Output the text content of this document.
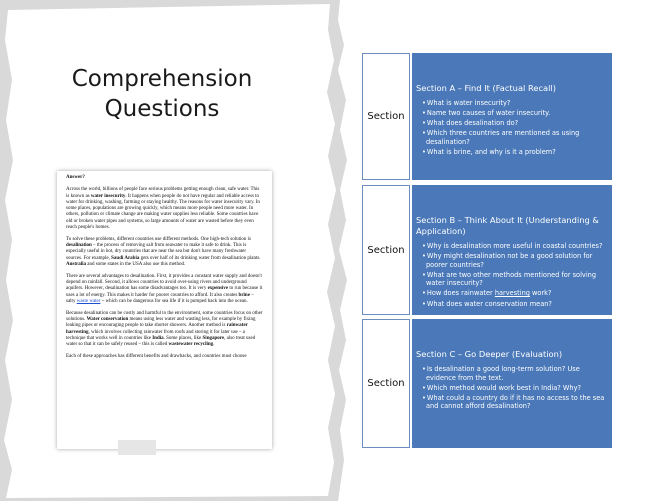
Comprehension
Questions

Answer?

Across the world, billions of people face serious problems getting enough clean, safe water. This is known as water insecurity. It happens when people do not have regular and reliable access to water for drinking, washing, farming or staying healthy. The reasons for water insecurity vary. In some places, populations are growing quickly, which means more people need more water. In others, pollution or climate change are making water supplies less reliable. Some countries have old or broken water pipes and systems, so large amounts of water are wasted before they even reach people's homes.

To solve these problems, different countries use different methods. One high-tech solution is desalination – the process of removing salt from seawater to make it safe to drink. This is especially useful in hot, dry countries that are near the sea but don't have many freshwater sources. For example, Saudi Arabia gets over half of its drinking water from desalination plants. Australia and some states in the USA also use this method.

There are several advantages to desalination. First, it provides a constant water supply and doesn't depend on rainfall. Second, it allows countries to avoid over-using rivers and underground aquifers. However, desalination has some disadvantages too. It is very expensive to run because it uses a lot of energy. This makes it harder for poorer countries to afford. It also creates brine – salty waste water – which can be dangerous for sea life if it is pumped back into the ocean.

Because desalination can be costly and harmful to the environment, some countries focus on other solutions. Water conservation means using less water and wasting less, for example by fixing leaking pipes or encouraging people to take shorter showers. Another method is rainwater harvesting, which involves collecting rainwater from roofs and storing it for later use – a technique that works well in countries like India. Some places, like Singapore, also treat used water so that it can be safely reused – this is called wastewater recycling.

Each of these approaches has different benefits and drawbacks, and countries must choose

Section
Section A – Find It (Factual Recall)
•What is water insecurity?
•Name two causes of water insecurity.
•What does desalination do?
•Which three countries are mentioned as using desalination?
•What is brine, and why is it a problem?
Section
Section B – Think About It (Understanding & Application)
•Why is desalination more useful in coastal countries?
•Why might desalination not be a good solution for poorer countries?
•What are two other methods mentioned for solving water insecurity?
•How does rainwater harvesting work?
•What does water conservation mean?
Section
Section C – Go Deeper (Evaluation)
•Is desalination a good long-term solution? Use evidence from the text.
•Which method would work best in India? Why?
•What could a country do if it has no access to the sea and cannot afford desalination?
